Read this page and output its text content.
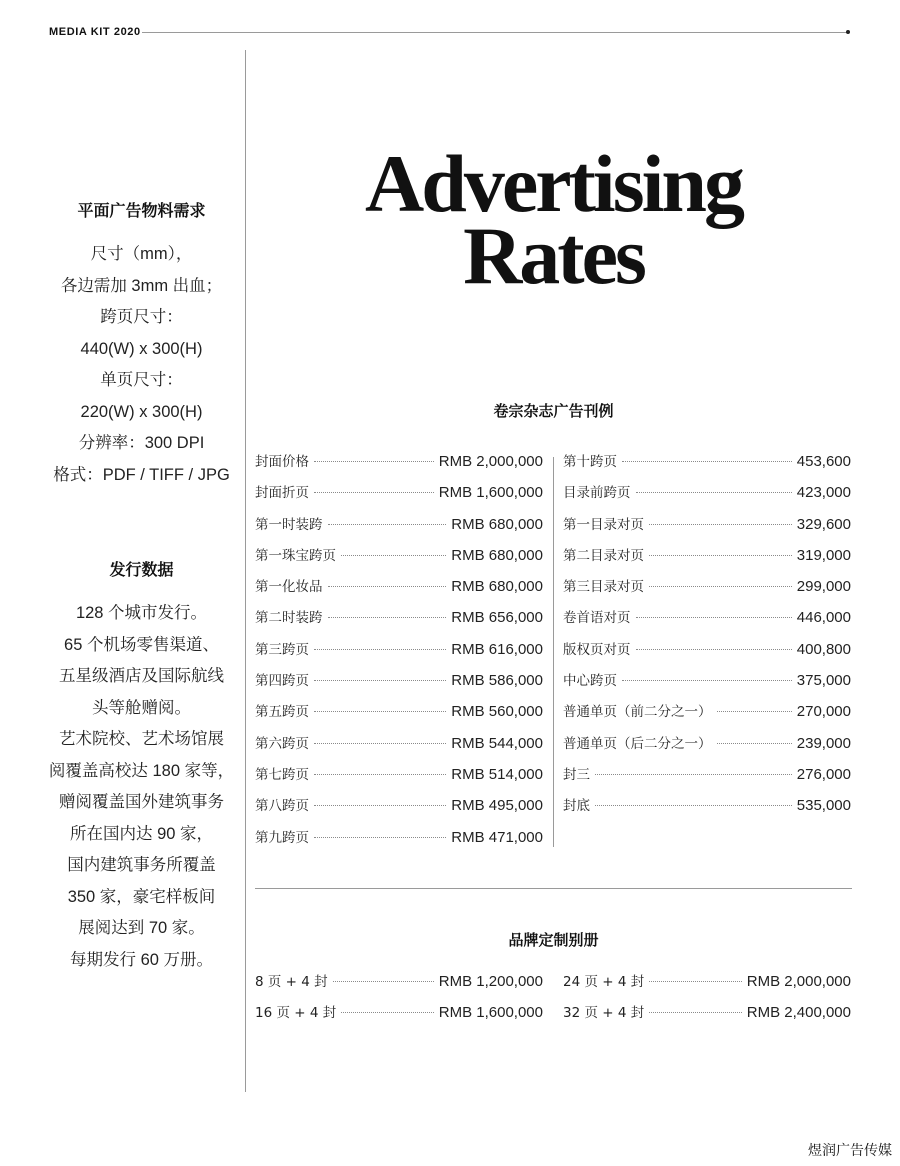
MEDIA KIT 2020
平面广告物料需求
尺寸（mm），
各边需加 3mm 出血；
跨页尺寸：
440(W) x 300(H)
单页尺寸：
220(W) x 300(H)
分辨率：300 DPI
格式：PDF / TIFF / JPG
发行数据
128 个城市发行。
65 个机场零售渠道、
五星级酒店及国际航线
头等舱赠阅。
艺术院校、艺术场馆展
阅覆盖高校达 180 家等，
赠阅覆盖国外建筑事务
所在国内达 90 家，
国内建筑事务所覆盖
350 家，豪宅样板间
展阅达到 70 家。
每期发行 60 万册。
Advertising
Rates
卷宗杂志广告刊例
封面价格	RMB 2,000,000
封面折页	RMB 1,600,000
第一时装跨	RMB 680,000
第一珠宝跨页	RMB 680,000
第一化妆品	RMB 680,000
第二时装跨	RMB 656,000
第三跨页	RMB 616,000
第四跨页	RMB 586,000
第五跨页	RMB 560,000
第六跨页	RMB 544,000
第七跨页	RMB 514,000
第八跨页	RMB 495,000
第九跨页	RMB 471,000
第十跨页	453,600
目录前跨页	423,000
第一目录对页	329,600
第二目录对页	319,000
第三目录对页	299,000
卷首语对页	446,000
版权页对页	400,800
中心跨页	375,000
普通单页（前二分之一）	270,000
普通单页（后二分之一）	239,000
封三	276,000
封底	535,000
品牌定制别册
8 页 + 4 封	RMB 1,200,000
16 页 + 4 封	RMB 1,600,000
24 页 + 4 封	RMB 2,000,000
32 页 + 4 封	RMB 2,400,000
煜润广告传媒
